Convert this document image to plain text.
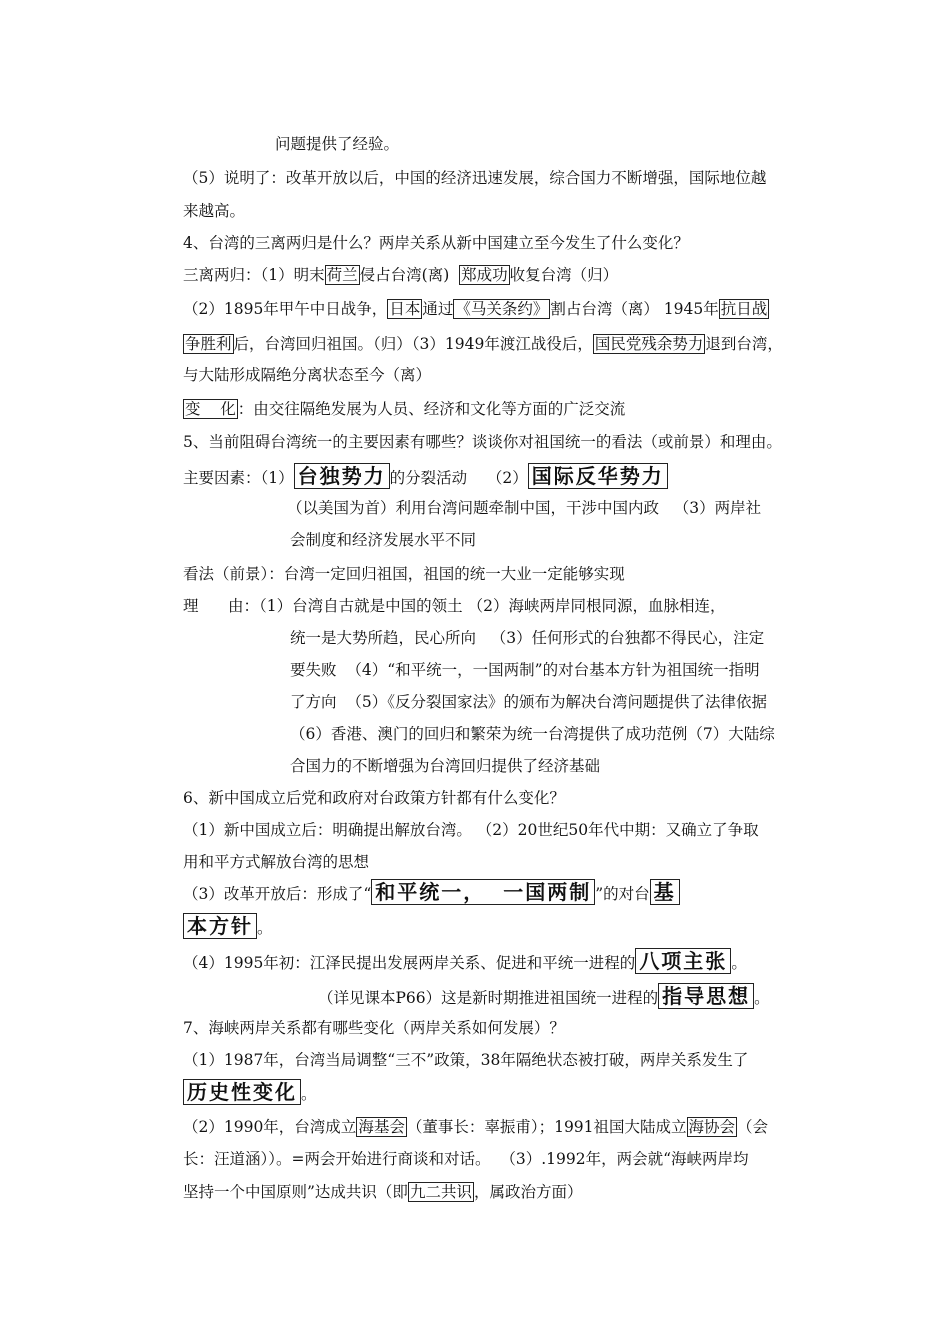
问题提供了经验。
（5）说明了：改革开放以后，中国的经济迅速发展，综合国力不断增强，国际地位越
来越高。
4、台湾的三离两归是什么？两岸关系从新中国建立至今发生了什么变化？
三离两归：（1）明末 荷兰 侵占台湾(离) 郑成功 收复台湾（归）
（2）1895年甲午中日战争， 日本 通过 《马关条约》 割占台湾（离） 1945年 抗日战
争胜利 后，台湾回归祖国。（归）（3）1949年渡江战役后， 国民党残余势力 退到台湾，
与大陆形成隔绝分离状态至今（离）
变    化 ：由交往隔绝发展为人员、经济和文化等方面的广泛交流
5、当前阻碍台湾统一的主要因素有哪些？谈谈你对祖国统一的看法（或前景）和理由。
主要因素：（1） 台独势力 的分裂活动    （2） 国际反华势力
（以美国为首）利用台湾问题牵制中国，干涉中国内政   （3）两岸社
会制度和经济发展水平不同
看法（前景）：台湾一定回归祖国，祖国的统一大业一定能够实现
理      由：（1）台湾自古就是中国的领土 （2）海峡两岸同根同源，血脉相连，
统一是大势所趋，民心所向   （3）任何形式的台独都不得民心，注定
要失败  （4）“和平统一，一国两制”的对台基本方针为祖国统一指明
了方向  （5）《反分裂国家法》的颁布为解决台湾问题提供了法律依据
（6）香港、澳门的回归和繁荣为统一台湾提供了成功范例（7）大陆综
合国力的不断增强为台湾回归提供了经济基础
6、新中国成立后党和政府对台政策方针都有什么变化？
（1）新中国成立后：明确提出解放台湾。 （2）20世纪50年代中期：又确立了争取
用和平方式解放台湾的思想
（3）改革开放后：形成了“ 和平统一，  一国两制 ”的对台 基
本方针 。
（4）1995年初：江泽民提出发展两岸关系、促进和平统一进程的 八项主张 。
（详见课本P66）这是新时期推进祖国统一进程的 指导思想 。
7、海峡两岸关系都有哪些变化（两岸关系如何发展）？
（1）1987年，台湾当局调整“三不”政策，38年隔绝状态被打破，两岸关系发生了
历史性变化 。
（2）1990年，台湾成立 海基会 （董事长：辜振甫）；1991祖国大陆成立 海协会 （会
长：汪道涵））。=两会开始进行商谈和对话。  （3）.1992年，两会就“海峡两岸均
坚持一个中国原则”达成共识（即 九二共识 ，属政治方面）
